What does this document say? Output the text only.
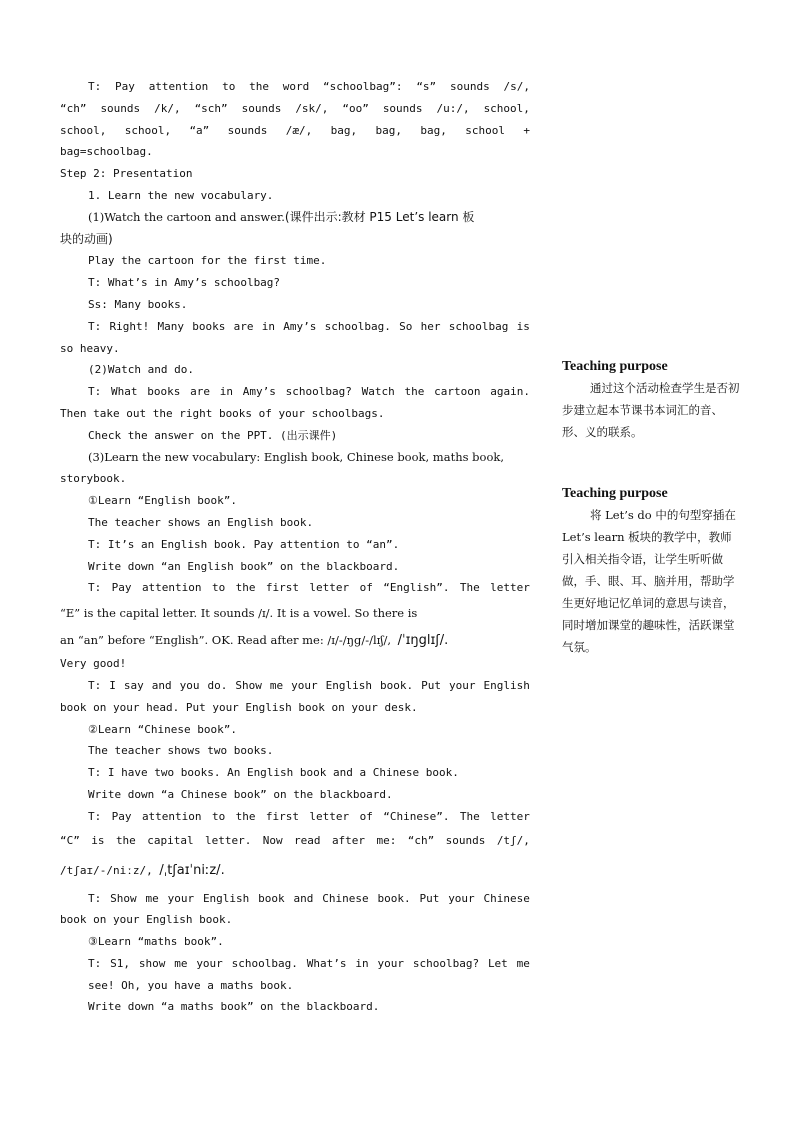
T: Pay attention to the word “schoolbag”: “s” sounds /s/,
“ch” sounds /k/, “sch” sounds /sk/, “oo” sounds /u:/, school,
school, school, “a” sounds /æ/, bag, bag, bag, school +
bag=schoolbag.
Step 2: Presentation
1. Learn the new vocabulary.
(1)Watch the cartoon and answer.(课件出示:教材 P15 Let’s learn 板
块的动画)
Play the cartoon for the first time.
T: What’s in Amy’s schoolbag?
Ss: Many books.
T: Right! Many books are in Amy’s schoolbag. So her schoolbag is
so heavy.
(2)Watch and do.
T: What books are in Amy’s schoolbag? Watch the cartoon again.
Then take out the right books of your schoolbags.
Check the answer on the PPT. (出示课件)
(3)Learn the new vocabulary: English book, Chinese book, maths book,
storybook.
①Learn “English book”.
The teacher shows an English book.
T: It’s an English book. Pay attention to “an”.
Write down “an English book” on the blackboard.
T: Pay attention to the first letter of “English”. The letter
“E” is the capital letter. It sounds /ɪ/. It is a vowel. So there is
an “an” before “English”. OK. Read after me: /ɪ/-/ŋg/-/lɪʃ/, /ˈɪŋglɪʃ/.
Very good!
T: I say and you do. Show me your English book. Put your English
book on your head. Put your English book on your desk.
②Learn “Chinese book”.
The teacher shows two books.
T: I have two books. An English book and a Chinese book.
Write down “a Chinese book” on the blackboard.
T: Pay attention to the first letter of “Chinese”. The letter
“C” is the capital letter. Now read after me: “ch” sounds /tʃ/,
/tʃaɪ/-/niːz/, /ˌtʃaɪˈniːz/.
T: Show me your English book and Chinese book. Put your Chinese
book on your English book.
③Learn “maths book”.
T: S1, show me your schoolbag. What’s in your schoolbag? Let me
see! Oh, you have a maths book.
Write down “a maths book” on the blackboard.
Teaching purpose

通过这个活动检查学生是否初步建立起本节课书本词汇的音、形、义的联系。

Teaching purpose

将 Let’s do 中的句型穿插在 Let’s learn 板块的教学中，教师引入相关指令语，让学生听听做做，手、眼、耳、脑并用，帮助学生更好地记忆单词的意思与读音，同时增加课堂的趣味性，活跃课堂气氛。
